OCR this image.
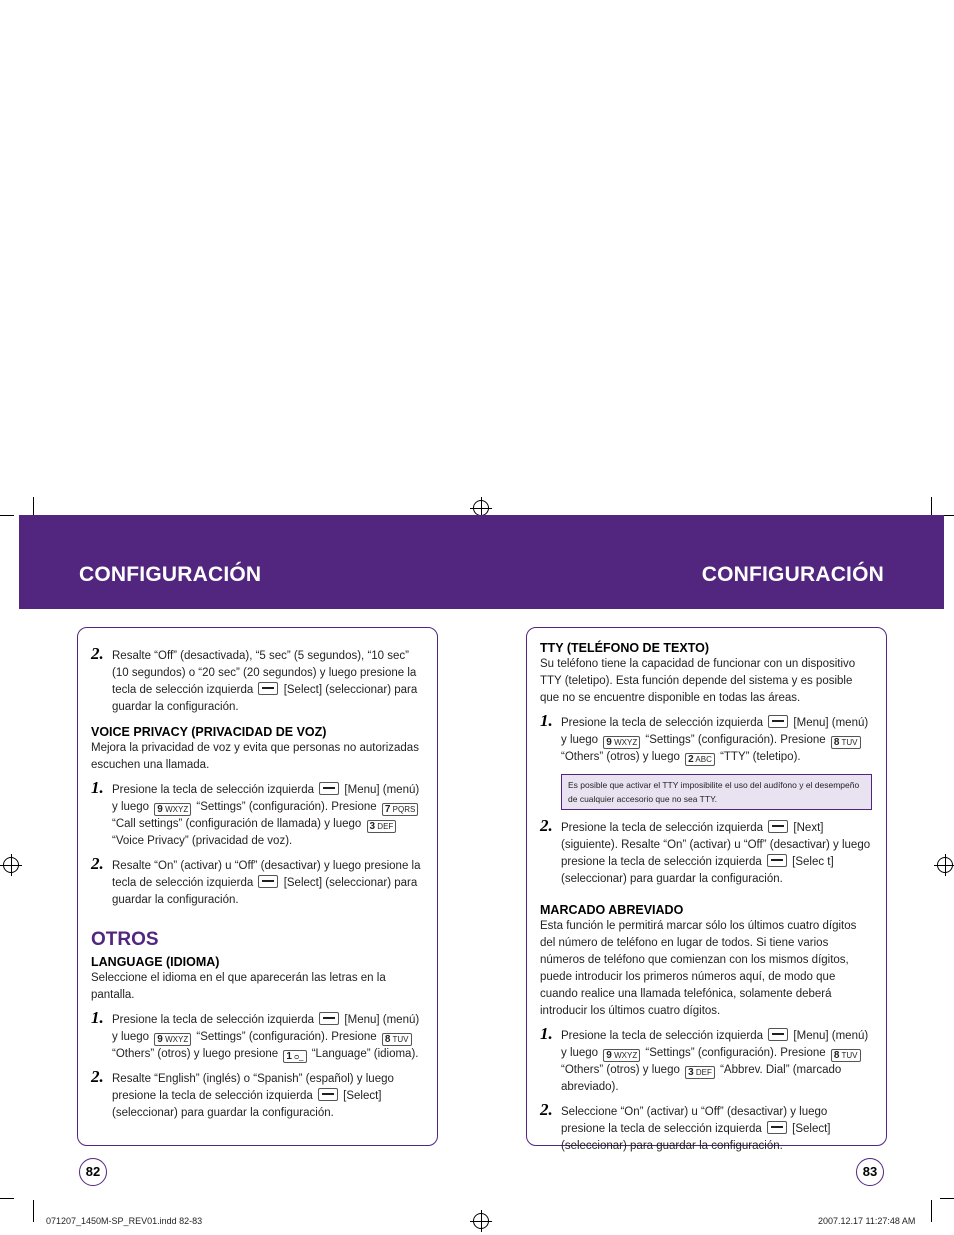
CONFIGURACIÓN	CONFIGURACIÓN
2. Resalte “Off” (desactivada), “5 sec” (5 segundos), “10 sec” (10 segundos) o “20 sec” (20 segundos) y luego presione la tecla de selección izquierda	[Select] (seleccionar) para guardar la configuración.
VOICE PRIVACY (PRIVACIDAD DE VOZ)
Mejora la privacidad de voz y evita que personas no autorizadas escuchen una llamada.
1. Presione la tecla de selección izquierda	[Menu] (menú) y luego 9 WXYZ “Settings” (configuración). Presione 7 PQRS “Call settings” (configuración de llamada) y luego 3 DEF “Voice Privacy” (privacidad de voz).
2. Resalte “On” (activar) u “Off” (desactivar) y luego presione la tecla de selección izquierda	[Select] (seleccionar) para guardar la configuración.
OTROS
LANGUAGE (IDIOMA)
Seleccione el idioma en el que aparecerán las letras en la pantalla.
1. Presione la tecla de selección izquierda	[Menu] (menú) y luego 9 WXYZ “Settings” (configuración). Presione 8 TUV “Others” (otros) y luego presione 1 ᴑ_ “Language” (idioma).
2. Resalte “English” (inglés) o “Spanish” (español) y luego presione la tecla de selección izquierda	[Select] (seleccionar) para guardar la configuración.
TTY (TELÉFONO DE TEXTO)
Su teléfono tiene la capacidad de funcionar con un dispositivo TTY (teletipo). Esta función depende del sistema y es posible que no se encuentre disponible en todas las áreas.
1. Presione la tecla de selección izquierda	[Menu] (menú) y luego 9 WXYZ “Settings” (configuración). Presione 8 TUV “Others” (otros) y luego 2 ABC “TTY” (teletipo).
Es posible que activar el TTY imposibilite el uso del audífono y el desempeño de cualquier accesorio que no sea TTY.
2. Presione la tecla de selección izquierda	[Next] (siguiente). Resalte “On” (activar) u “Off” (desactivar) y luego presione la tecla de selección izquierda	[Selec t] (seleccionar) para guardar la configuración.
MARCADO ABREVIADO
Esta función le permitirá marcar sólo los últimos cuatro dígitos del número de teléfono en lugar de todos. Si tiene varios números de teléfono que comienzan con los mismos dígitos, puede introducir los primeros números aquí, de modo que cuando realice una llamada telefónica, solamente deberá introducir los últimos cuatro dígitos.
1. Presione la tecla de selección izquierda	[Menu] (menú) y luego 9 WXYZ “Settings” (configuración). Presione 8 TUV “Others” (otros) y luego 3 DEF “Abbrev. Dial” (marcado abreviado).
2. Seleccione “On” (activar) u “Off” (desactivar) y luego presione la tecla de selección izquierda	[Select] (seleccionar) para guardar la configuración.
82	83
071207_1450M-SP_REV01.indd 82-83	2007.12.17 11:27:48 AM
